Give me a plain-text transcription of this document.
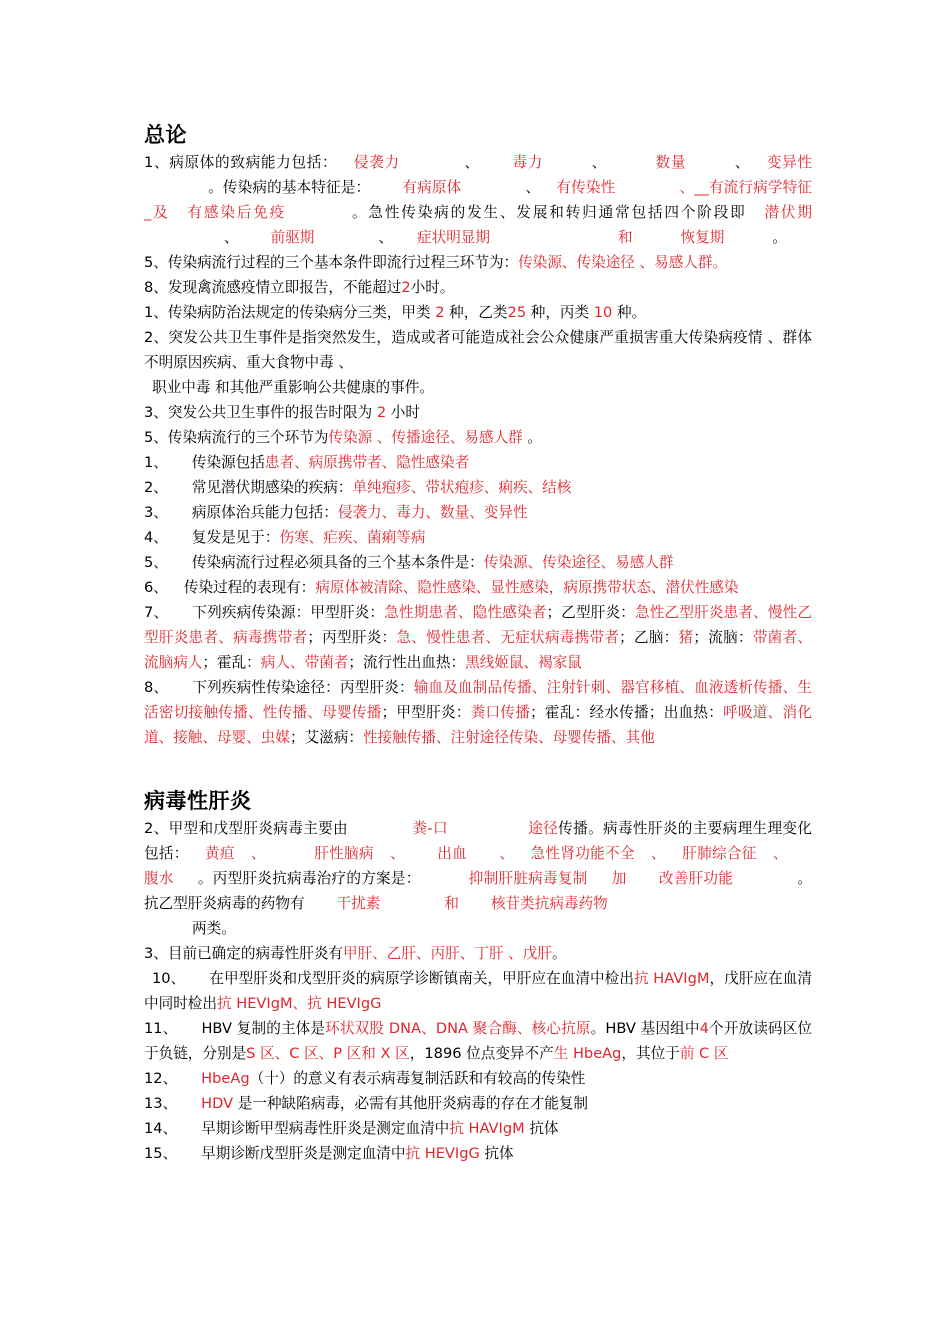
总论

1、病原体的致病能力包括： 侵袭力	、 毒力	、	数量	、 变异性。传染病的基本特征是： 有病原体	、 有传染性	、__有流行病学特征_及 有感染后免疫	。急性传染病的发生、发展和转归通常包括四个阶段即 潜伏期、 前驱期	、 症状明显期	和	恢复期	。

5、传染病流行过程的三个基本条件即流行过程三环节为：传染源、传染途径 、易感人群。

8、发现禽流感疫情立即报告，不能超过2小时。

1、传染病防治法规定的传染病分三类，甲类 2 种，乙类25 种，丙类 10 种。

2、突发公共卫生事件是指突然发生，造成或者可能造成社会公众健康严重损害重大传染病疫情 、群体不明原因疾病、重大食物中毒 、
职业中毒 和其他严重影响公共健康的事件。

3、突发公共卫生事件的报告时限为 2 小时

5、传染病流行的三个环节为传染源 、传播途径、易感人群 。

1、 传染源包括患者、病原携带者、隐性感染者

2、 常见潜伏期感染的疾病：单纯疱疹、带状疱疹、痢疾、结核

3、 病原体治兵能力包括：侵袭力、毒力、数量、变异性

4、 复发是见于：伤寒、疟疾、菌痢等病

5、 传染病流行过程必须具备的三个基本条件是：传染源、传染途径、易感人群

6、 传染过程的表现有：病原体被清除、隐性感染、显性感染，病原携带状态、潜伏性感染

7、 下列疾病传染源：甲型肝炎：急性期患者、隐性感染者；乙型肝炎：急性乙型肝炎患者、慢性乙型肝炎患者、病毒携带者；丙型肝炎：急、慢性患者、无症状病毒携带者；乙脑：猪；流脑：带菌者、流脑病人；霍乱：病人、带菌者；流行性出血热：黑线姬鼠、褐家鼠

8、 下列疾病性传染途径：丙型肝炎：输血及血制品传播、注射针刺、器官移植、血液透析传播、生活密切接触传播、性传播、母婴传播；甲型肝炎：粪口传播；霍乱：经水传播；出血热：呼吸道、消化道、接触、母婴、虫媒；艾滋病：性接触传播、注射途径传染、母婴传播、其他

病毒性肝炎

2、甲型和戊型肝炎病毒主要由	粪-口	途径传播。病毒性肝炎的主要病理生理变化包括： 黄疸 、	肝性脑病 、 出血 、 急性肾功能不全 、 肝肺综合征 、腹水 。丙型肝炎抗病毒治疗的方案是：	抑制肝脏病毒复制 加 改善肝功能	。抗乙型肝炎病毒的药物有 干扰素	和 核苷类抗病毒药物
两类。

3、目前已确定的病毒性肝炎有甲肝、乙肝、丙肝、丁肝 、戊肝。

10、 在甲型肝炎和戊型肝炎的病原学诊断镇南关，甲肝应在血清中检出抗 HAVIgM，戊肝应在血清中同时检出抗 HEVIgM、抗 HEVIgG

11、 HBV 复制的主体是环状双股 DNA、DNA 聚合酶、核心抗原。HBV 基因组中4个开放读码区位于负链，分别是S 区、C 区、P 区和 X 区，1896 位点变异不产生 HbeAg，其位于前 C 区

12、 HbeAg（十）的意义有表示病毒复制活跃和有较高的传染性

13、 HDV 是一种缺陷病毒，必需有其他肝炎病毒的存在才能复制

14、 早期诊断甲型病毒性肝炎是测定血清中抗 HAVIgM 抗体

15、 早期诊断戊型肝炎是测定血清中抗 HEVIgG 抗体
